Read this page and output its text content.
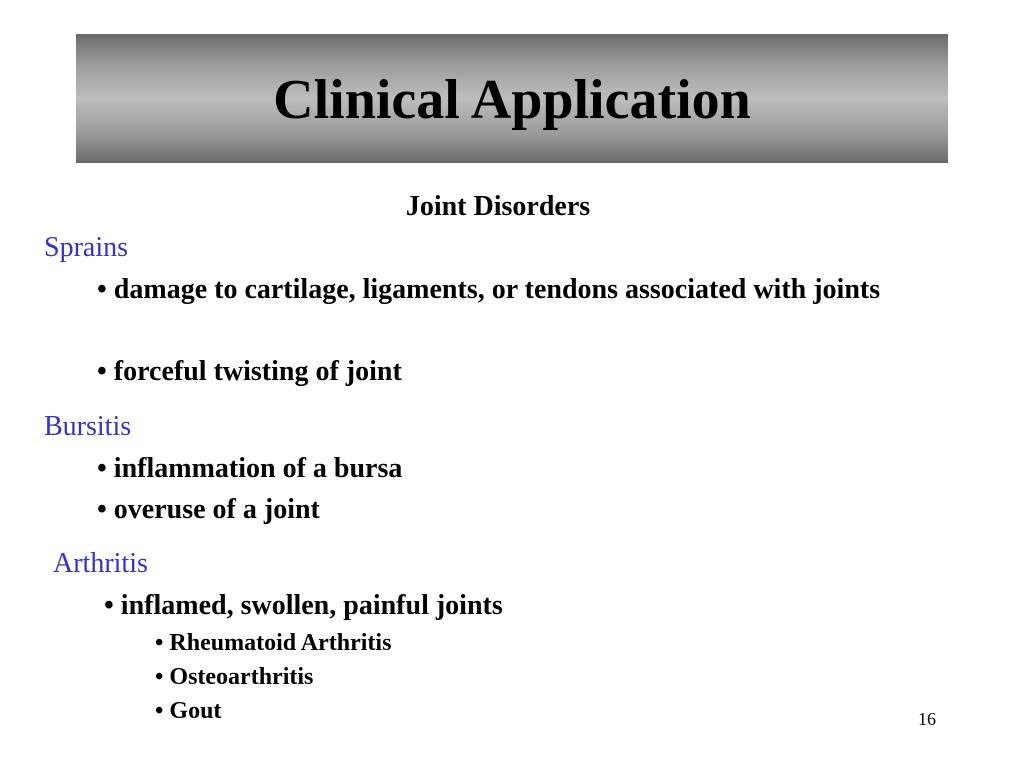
Clinical Application
Joint Disorders
Sprains
• damage to cartilage, ligaments, or tendons associated with joints
• forceful twisting of joint
Bursitis
• inflammation of a bursa
• overuse of a joint
Arthritis
• inflamed, swollen, painful joints
• Rheumatoid Arthritis
• Osteoarthritis
• Gout	16
